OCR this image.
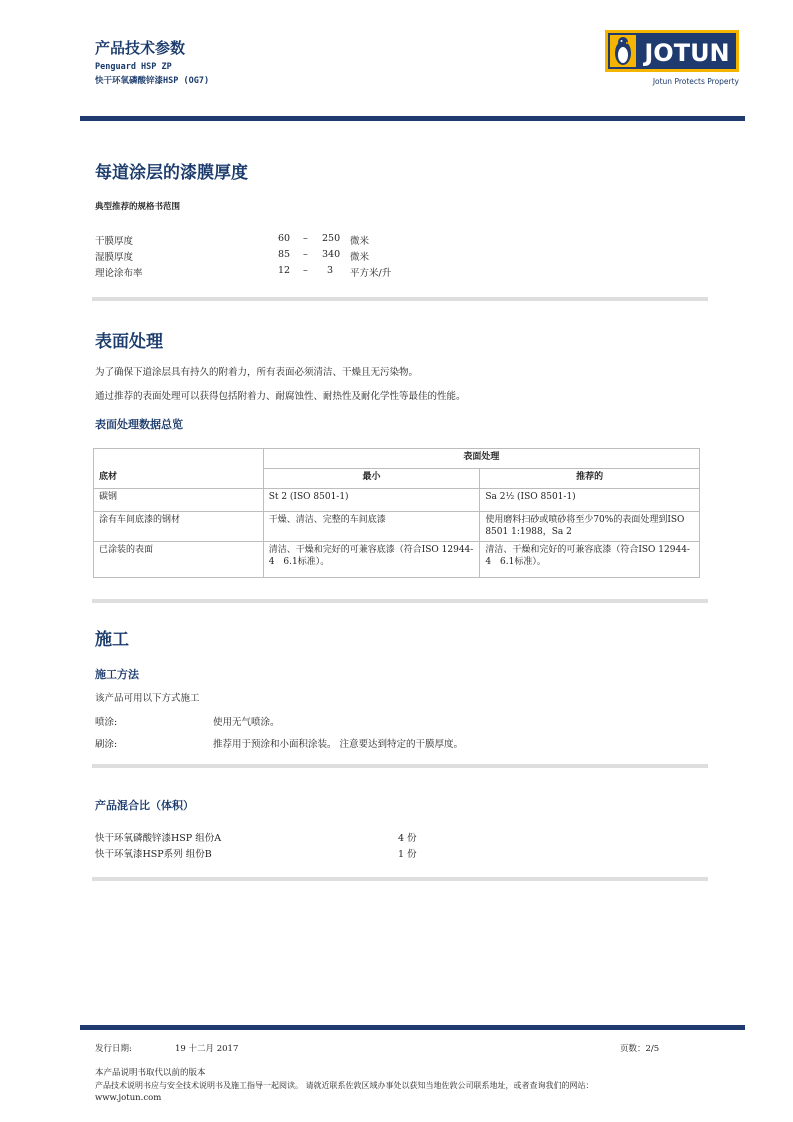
产品技术参数
Penguard HSP ZP
快干环氧磷酸锌漆HSP (OG7)
JOTUN
Jotun Protects Property
每道涂层的漆膜厚度
典型推荐的规格书范围
干膜厚度	60 – 250 微米
湿膜厚度	85 – 340 微米
理论涂布率	12 – 3 平方米/升
表面处理
为了确保下道涂层具有持久的附着力，所有表面必须清洁、干燥且无污染物。
通过推荐的表面处理可以获得包括附着力、耐腐蚀性、耐热性及耐化学性等最佳的性能。
表面处理数据总览
	表面处理	
底材	最小	推荐的
碳钢	St 2 (ISO 8501-1)	Sa 2½ (ISO 8501-1)
涂有车间底漆的钢材	干燥、清洁、完整的车间底漆	使用磨料扫砂或喷砂将至少70%的表面处理到ISO 8501 1:1988，Sa 2
已涂装的表面	清洁、干燥和完好的可兼容底漆（符合ISO 12944-4　6.1标准）。	清洁、干燥和完好的可兼容底漆（符合ISO 12944-4　6.1标准）。
施工
施工方法
该产品可用以下方式施工
喷涂:	使用无气喷涂。
刷涂:	推荐用于预涂和小面积涂装。 注意要达到特定的干膜厚度。
产品混合比（体积）
快干环氧磷酸锌漆HSP 组份A	4 份
快干环氧漆HSP系列 组份B	1 份
发行日期:	19 十二月 2017	页数：2/5
本产品说明书取代以前的版本
产品技术说明书应与安全技术说明书及施工指导一起阅读。 请就近联系佐敦区域办事处以获知当地佐敦公司联系地址，或者查询我们的网站：
www.jotun.com
